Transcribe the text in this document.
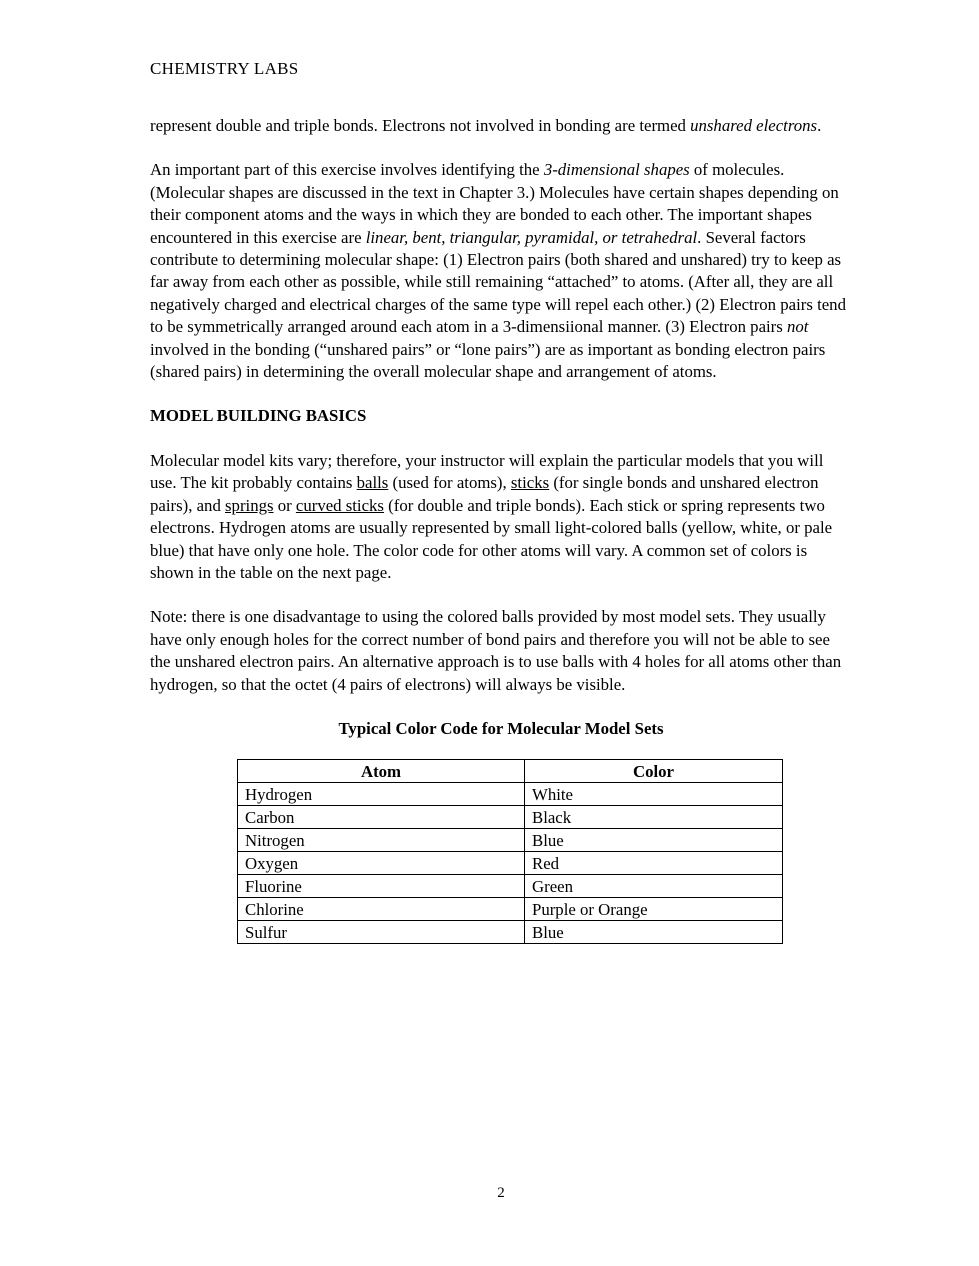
CHEMISTRY LABS

represent double and triple bonds. Electrons not involved in bonding are termed unshared electrons.

An important part of this exercise involves identifying the 3-dimensional shapes of molecules. (Molecular shapes are discussed in the text in Chapter 3.) Molecules have certain shapes depending on their component atoms and the ways in which they are bonded to each other. The important shapes encountered in this exercise are linear, bent, triangular, pyramidal, or tetrahedral. Several factors contribute to determining molecular shape: (1) Electron pairs (both shared and unshared) try to keep as far away from each other as possible, while still remaining “attached” to atoms. (After all, they are all negatively charged and electrical charges of the same type will repel each other.) (2) Electron pairs tend to be symmetrically arranged around each atom in a 3-dimensiional manner. (3) Electron pairs not involved in the bonding (“unshared pairs” or “lone pairs”) are as important as bonding electron pairs (shared pairs) in determining the overall molecular shape and arrangement of atoms.

MODEL BUILDING BASICS

Molecular model kits vary; therefore, your instructor will explain the particular models that you will use. The kit probably contains balls (used for atoms), sticks (for single bonds and unshared electron pairs), and springs or curved sticks (for double and triple bonds). Each stick or spring represents two electrons. Hydrogen atoms are usually represented by small light-colored balls (yellow, white, or pale blue) that have only one hole. The color code for other atoms will vary. A common set of colors is shown in the table on the next page.

Note: there is one disadvantage to using the colored balls provided by most model sets. They usually have only enough holes for the correct number of bond pairs and therefore you will not be able to see the unshared electron pairs. An alternative approach is to use balls with 4 holes for all atoms other than hydrogen, so that the octet (4 pairs of electrons) will always be visible.

Typical Color Code for Molecular Model Sets
Atom	Color
Hydrogen	White
Carbon	Black
Nitrogen	Blue
Oxygen	Red
Fluorine	Green
Chlorine	Purple or Orange
Sulfur	Blue
2
